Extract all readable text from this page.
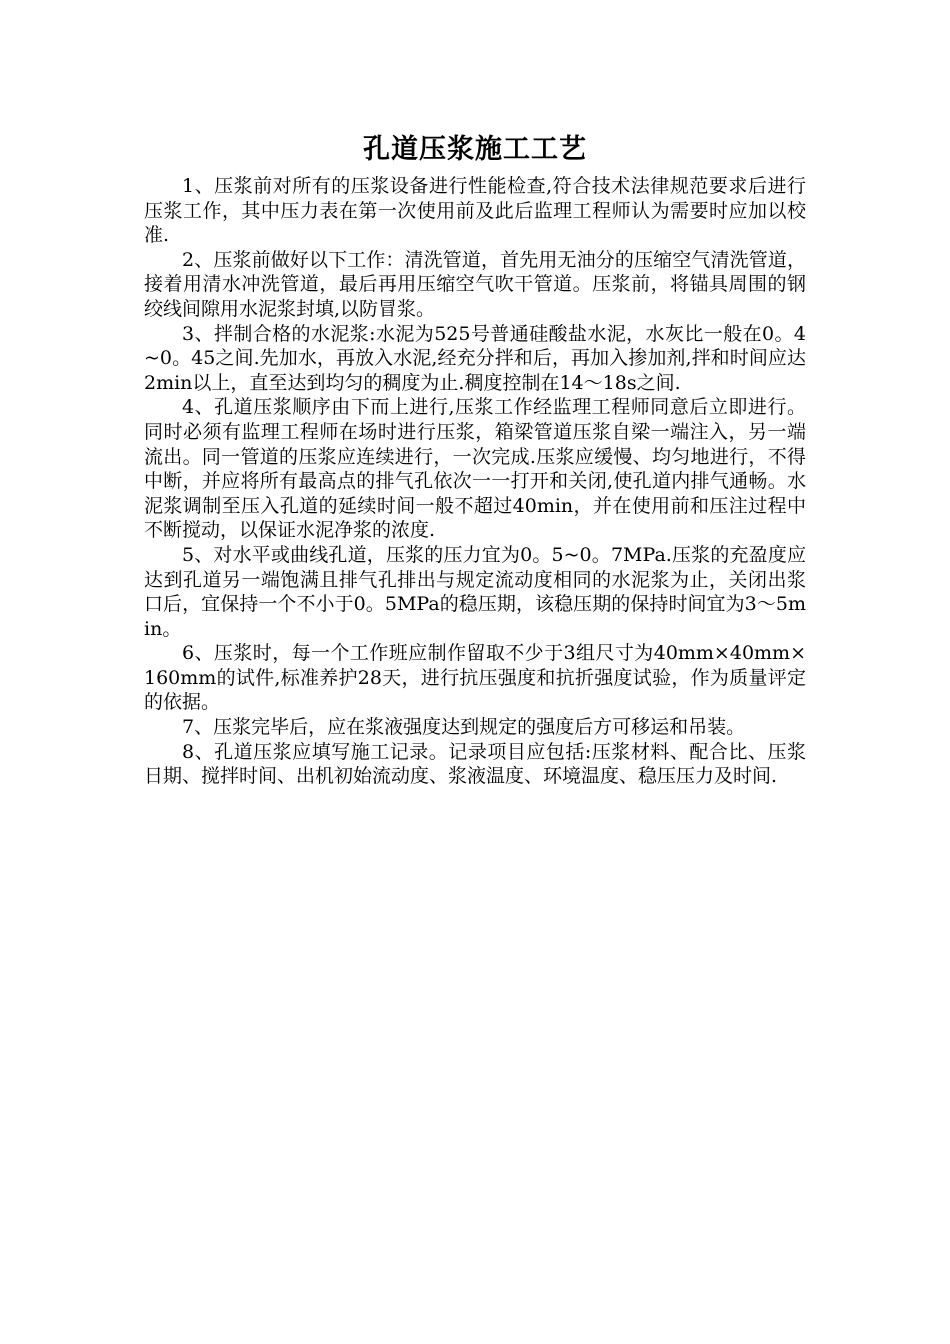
孔道压浆施工工艺

1、压浆前对所有的压浆设备进行性能检查,符合技术法律规范要求后进行压浆工作，其中压力表在第一次使用前及此后监理工程师认为需要时应加以校准.

2、压浆前做好以下工作：清洗管道，首先用无油分的压缩空气清洗管道，接着用清水冲洗管道，最后再用压缩空气吹干管道。压浆前，将锚具周围的钢绞线间隙用水泥浆封填,以防冒浆。

3、拌制合格的水泥浆:水泥为525号普通硅酸盐水泥，水灰比一般在0。4~0。45之间.先加水，再放入水泥,经充分拌和后，再加入掺加剂,拌和时间应达2min以上，直至达到均匀的稠度为止.稠度控制在14～18s之间.

4、孔道压浆顺序由下而上进行,压浆工作经监理工程师同意后立即进行。同时必须有监理工程师在场时进行压浆，箱梁管道压浆自梁一端注入，另一端流出。同一管道的压浆应连续进行，一次完成.压浆应缓慢、均匀地进行，不得中断，并应将所有最高点的排气孔依次一一打开和关闭,使孔道内排气通畅。水泥浆调制至压入孔道的延续时间一般不超过40min，并在使用前和压注过程中不断搅动，以保证水泥净浆的浓度.

5、对水平或曲线孔道，压浆的压力宜为0。5~0。7MPa.压浆的充盈度应达到孔道另一端饱满且排气孔排出与规定流动度相同的水泥浆为止，关闭出浆口后，宜保持一个不小于0。5MPa的稳压期，该稳压期的保持时间宜为3～5min。

6、压浆时，每一个工作班应制作留取不少于3组尺寸为40mm×40mm×160mm的试件,标准养护28天，进行抗压强度和抗折强度试验，作为质量评定的依据。

7、压浆完毕后，应在浆液强度达到规定的强度后方可移运和吊装。

8、孔道压浆应填写施工记录。记录项目应包括:压浆材料、配合比、压浆日期、搅拌时间、出机初始流动度、浆液温度、环境温度、稳压压力及时间.
